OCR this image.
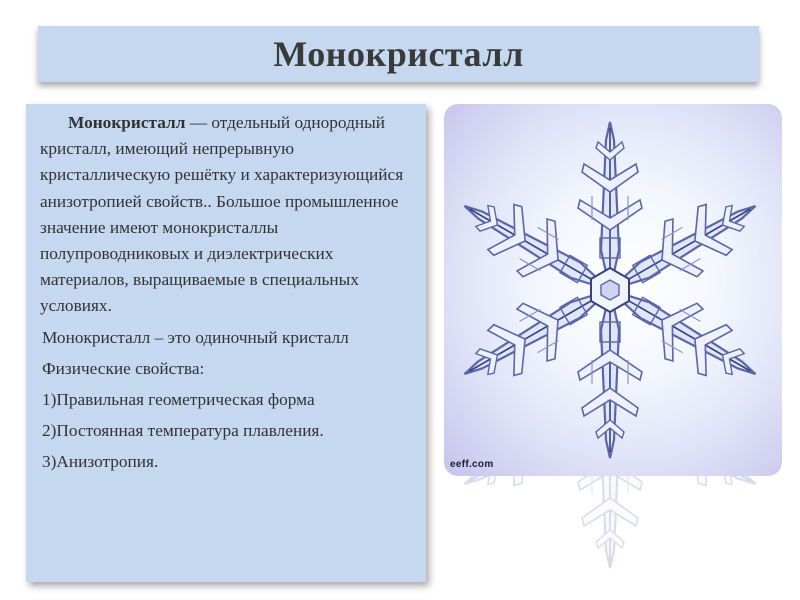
Монокристалл

Монокристалл — отдельный однородный кристалл, имеющий непрерывную кристаллическую решётку и характеризующийся анизотропией свойств.. Большое промышленное значение имеют монокристаллы полупроводниковых и диэлектрических материалов, выращиваемые в специальных условиях.

Монокристалл – это одиночный кристалл

Физические свойства:

1)Правильная геометрическая форма

2)Постоянная температура плавления.

3)Анизотропия.	eeff.com
